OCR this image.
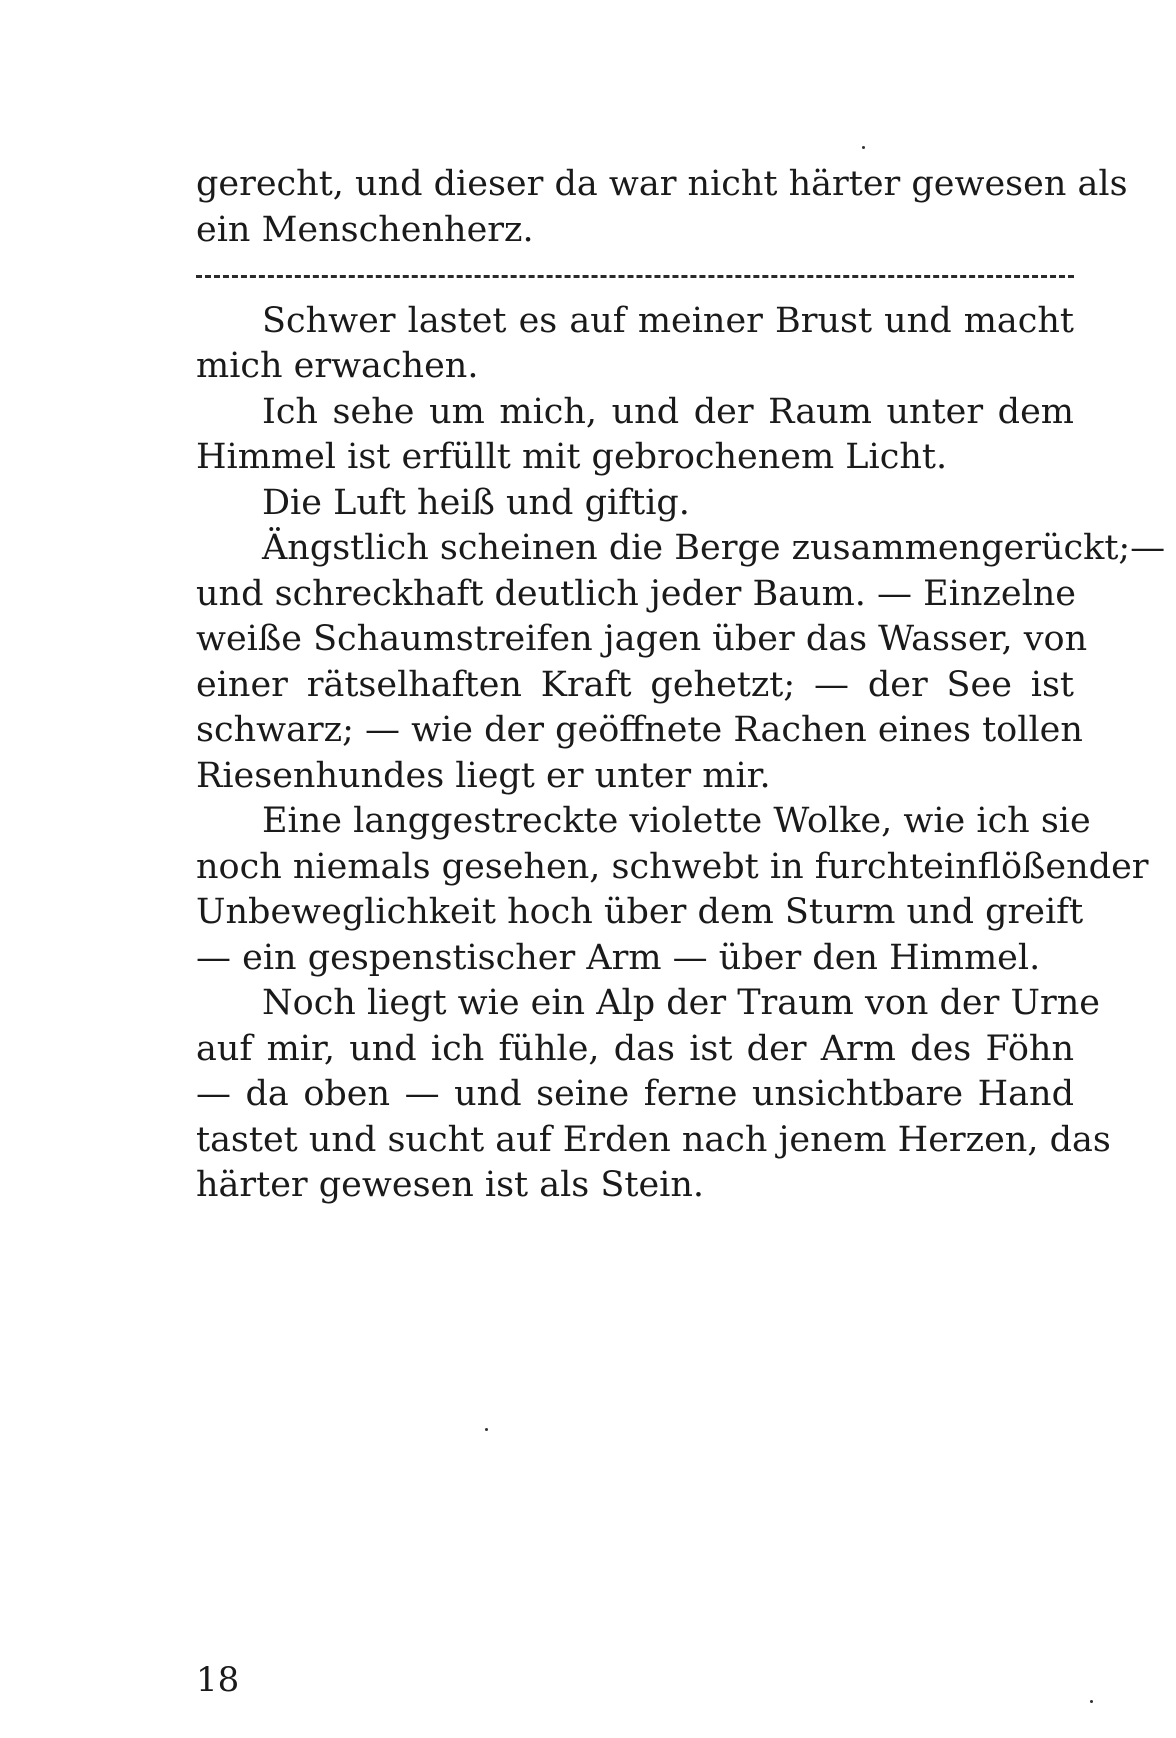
gerecht, und dieser da war nicht härter gewesen als
ein Menschenherz.
Schwer lastet es auf meiner Brust und macht
mich erwachen.
Ich sehe um mich, und der Raum unter dem
Himmel ist erfüllt mit gebrochenem Licht.
Die Luft heiß und giftig.
Ängstlich scheinen die Berge zusammengerückt;—
und schreckhaft deutlich jeder Baum. — Einzelne
weiße Schaumstreifen jagen über das Wasser, von
einer rätselhaften Kraft gehetzt; — der See ist
schwarz; — wie der geöffnete Rachen eines tollen
Riesenhundes liegt er unter mir.
Eine langgestreckte violette Wolke, wie ich sie
noch niemals gesehen, schwebt in furchteinflößender
Unbeweglichkeit hoch über dem Sturm und greift
— ein gespenstischer Arm — über den Himmel.
Noch liegt wie ein Alp der Traum von der Urne
auf mir, und ich fühle, das ist der Arm des Föhn
— da oben — und seine ferne unsichtbare Hand
tastet und sucht auf Erden nach jenem Herzen, das
härter gewesen ist als Stein.
18
